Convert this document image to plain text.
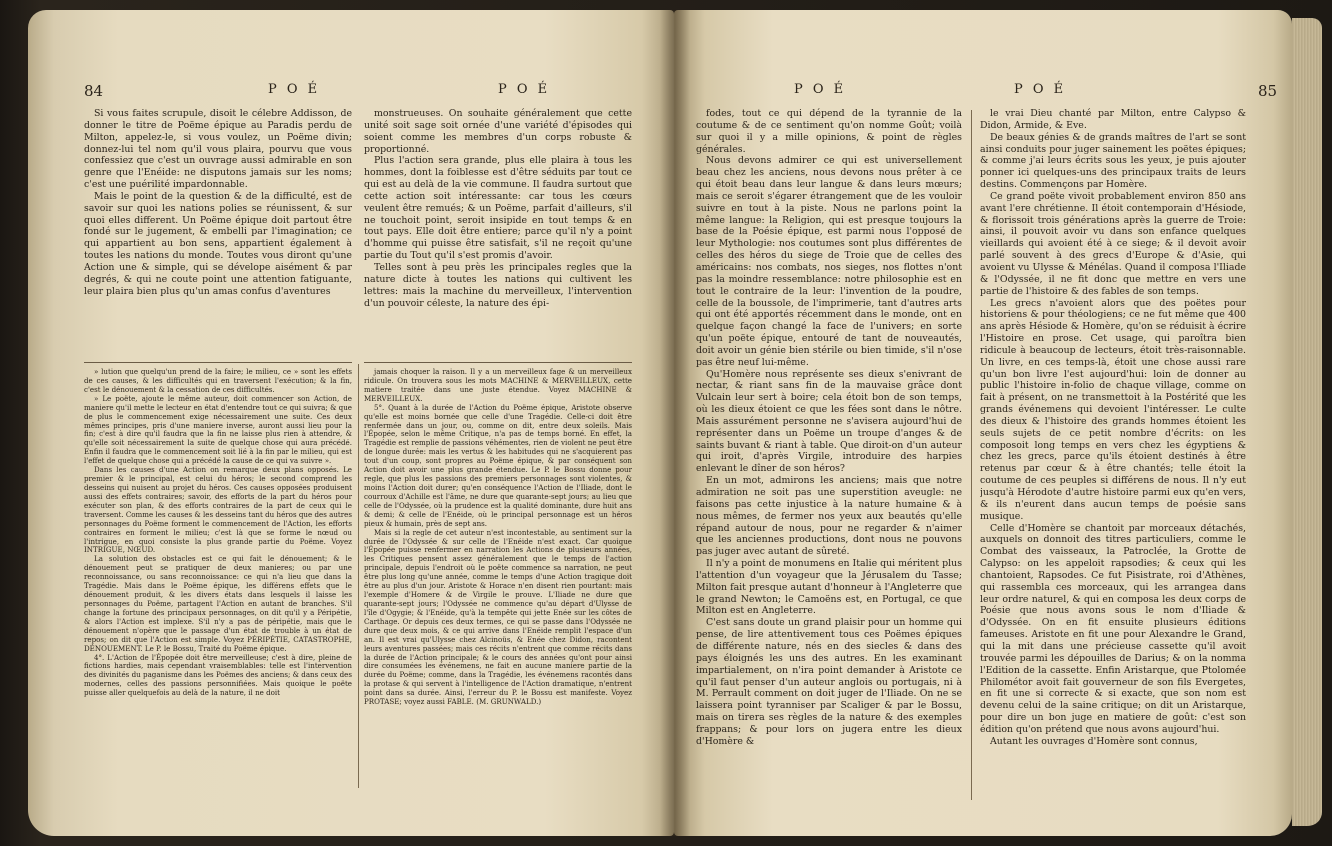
84	P O É	P O É

Si vous faites scrupule, disoit le célebre Addisson, de donner le titre de Poëme épique au Paradis perdu de Milton, appelez-le, si vous voulez, un Poëme divin; donnez-lui tel nom qu'il vous plaira, pourvu que vous confessiez que c'est un ouvrage aussi admirable en son genre que l'Enéide: ne disputons jamais sur les noms; c'est une puérilité impardonnable.

Mais le point de la question & de la difficulté, est de savoir sur quoi les nations polies se réunissent, & sur quoi elles different. Un Poëme épique doit partout être fondé sur le jugement, & embelli par l'imagination; ce qui appartient au bon sens, appartient également à toutes les nations du monde. Toutes vous diront qu'une Action une & simple, qui se dévelope aisément & par degrés, & qui ne coute point une attention fatiguante, leur plaira bien plus qu'un amas confus d'aventures

monstrueuses. On souhaite généralement que cette unité soit sage soit ornée d'une variété d'épisodes qui soient comme les membres d'un corps robuste & proportionné.

Plus l'action sera grande, plus elle plaira à tous les hommes, dont la foiblesse est d'être séduits par tout ce qui est au delà de la vie commune. Il faudra surtout que cette action soit intéressante: car tous les cœurs veulent être remués; & un Poëme, parfait d'ailleurs, s'il ne touchoit point, seroit insipide en tout temps & en tout pays. Elle doit être entiere; parce qu'il n'y a point d'homme qui puisse être satisfait, s'il ne reçoit qu'une partie du Tout qu'il s'est promis d'avoir.

Telles sont à peu près les principales regles que la nature dicte à toutes les nations qui cultivent les lettres: mais la machine du merveilleux, l'intervention d'un pouvoir céleste, la nature des épi-

» lution que quelqu'un prend de la faire; le milieu, ce » sont les effets de ces causes, & les difficultés qui en traversent l'exécution; & la fin, c'est le dénouement & la cessation de ces difficultés.

» Le poëte, ajoute le même auteur, doit commencer son Action, de maniere qu'il mette le lecteur en état d'entendre tout ce qui suivra; & que de plus le commencement exige nécessairement une suite. Ces deux mêmes principes, pris d'une maniere inverse, auront aussi lieu pour la fin; c'est à dire qu'il faudra que la fin ne laisse plus rien à attendre, & qu'elle soit nécessairement la suite de quelque chose qui aura précédé. Enfin il faudra que le commencement soit lié à la fin par le milieu, qui est l'effet de quelque chose qui a précédé la cause de ce qui va suivre ».

Dans les causes d'une Action on remarque deux plans opposés. Le premier & le principal, est celui du héros; le second comprend les desseins qui nuisent au projet du héros. Ces causes opposées produisent aussi des effets contraires; savoir, des efforts de la part du héros pour exécuter son plan, & des efforts contraires de la part de ceux qui le traversent. Comme les causes & les desseins tant du héros que des autres personnages du Poëme forment le commencement de l'Action, les efforts contraires en forment le milieu; c'est là que se forme le nœud ou l'intrigue, en quoi consiste la plus grande partie du Poëme. Voyez INTRIGUE, NŒUD.

La solution des obstacles est ce qui fait le dénouement; & le dénouement peut se pratiquer de deux manieres; ou par une reconnoissance, ou sans reconnoissance: ce qui n'a lieu que dans la Tragédie. Mais dans le Poëme épique, les différens effets que le dénouement produit, & les divers états dans lesquels il laisse les personnages du Poëme, partagent l'Action en autant de branches. S'il change la fortune des principaux personnages, on dit qu'il y a Péripétie, & alors l'Action est implexe. S'il n'y a pas de péripétie, mais que le dénouement n'opère que le passage d'un état de trouble à un état de repos; on dit que l'Action est simple. Voyez PÉRIPÉTIE, CATASTROPHE, DÉNOUEMENT. Le P. le Bossu, Traité du Poëme épique.

4°. L'Action de l'Épopée doit être merveilleuse; c'est à dire, pleine de fictions hardies, mais cependant vraisemblables: telle est l'intervention des divinités du paganisme dans les Poëmes des anciens; & dans ceux des modernes, celles des passions personnifiées. Mais quoique le poëte puisse aller quelquefois au delà de la nature, il ne doit

jamais choquer la raison. Il y a un merveilleux fage & un merveilleux ridicule. On trouvera sous les mots MACHINE & MERVEILLEUX, cette matiere traitée dans une juste étendue. Voyez MACHINE & MERVEILLEUX.

5°. Quant à la durée de l'Action du Poëme épique, Aristote observe qu'elle est moins bornée que celle d'une Tragédie. Celle-ci doit être renfermée dans un jour, ou, comme on dit, entre deux soleils. Mais l'Épopée, selon le même Critique, n'a pas de temps borné. En effet, la Tragédie est remplie de passions véhémentes, rien de violent ne peut être de longue durée: mais les vertus & les habitudes qui ne s'acquierent pas tout d'un coup, sont propres au Poëme épique, & par conséquent son Action doit avoir une plus grande étendue. Le P. le Bossu donne pour regle, que plus les passions des premiers personnages sont violentes, & moins l'Action doit durer; qu'en conséquence l'Action de l'Iliade, dont le courroux d'Achille est l'âme, ne dure que quarante-sept jours; au lieu que celle de l'Odyssée, où la prudence est la qualité dominante, dure huit ans & demi; & celle de l'Enéide, où le principal personnage est un héros pieux & humain, près de sept ans.

Mais si la regle de cet auteur n'est incontestable, au sentiment sur la durée de l'Odyssée & sur celle de l'Enéide n'est exact. Car quoique l'Épopée puisse renfermer en narration les Actions de plusieurs années, les Critiques pensent assez généralement que le temps de l'action principale, depuis l'endroit où le poëte commence sa narration, ne peut être plus long qu'une année, comme le temps d'une Action tragique doit être au plus d'un jour. Aristote & Horace n'en disent rien pourtant: mais l'exemple d'Homere & de Virgile le prouve. L'Iliade ne dure que quarante-sept jours; l'Odyssée ne commence qu'au départ d'Ulysse de l'île d'Ogygie; & l'Enéide, qu'à la tempête qui jette Enée sur les côtes de Carthage. Or depuis ces deux termes, ce qui se passe dans l'Odyssée ne dure que deux mois, & ce qui arrive dans l'Enéide remplit l'espace d'un an. Il est vrai qu'Ulysse chez Alcinoüs, & Enée chez Didon, racontent leurs aventures passées; mais ces récits n'entrent que comme récits dans la durée de l'Action principale; & le cours des années qu'ont pour ainsi dire consumées les événemens, ne fait en aucune maniere partie de la durée du Poëme; comme, dans la Tragédie, les événemens racontés dans la protase & qui servent à l'intelligence de l'Action dramatique, n'entrent point dans sa durée. Ainsi, l'erreur du P. le Bossu est manifeste. Voyez PROTASE; voyez aussi FABLE. (M. GRUNWALD.)

P O É	P O É	85

fodes, tout ce qui dépend de la tyrannie de la coutume & de ce sentiment qu'on nomme Goût; voilà sur quoi il y a mille opinions, & point de règles générales.

Nous devons admirer ce qui est universellement beau chez les anciens, nous devons nous prêter à ce qui étoit beau dans leur langue & dans leurs mœurs; mais ce seroit s'égarer étrangement que de les vouloir suivre en tout à la piste. Nous ne parlons point la même langue: la Religion, qui est presque toujours la base de la Poésie épique, est parmi nous l'opposé de leur Mythologie: nos coutumes sont plus différentes de celles des héros du siege de Troie que de celles des américains: nos combats, nos sieges, nos flottes n'ont pas la moindre ressemblance: notre philosophie est en tout le contraire de la leur: l'invention de la poudre, celle de la boussole, de l'imprimerie, tant d'autres arts qui ont été apportés récemment dans le monde, ont en quelque façon changé la face de l'univers; en sorte qu'un poëte épique, entouré de tant de nouveautés, doit avoir un génie bien stérile ou bien timide, s'il n'ose pas être neuf lui-même.

Qu'Homère nous représente ses dieux s'enivrant de nectar, & riant sans fin de la mauvaise grâce dont Vulcain leur sert à boire; cela étoit bon de son temps, où les dieux étoient ce que les fées sont dans le nôtre. Mais assurément personne ne s'avisera aujourd'hui de représenter dans un Poëme un troupe d'anges & de saints buvant & riant à table. Que diroit-on d'un auteur qui iroit, d'après Virgile, introduire des harpies enlevant le dîner de son héros?

En un mot, admirons les anciens; mais que notre admiration ne soit pas une superstition aveugle: ne faisons pas cette injustice à la nature humaine & à nous mêmes, de fermer nos yeux aux beautés qu'elle répand autour de nous, pour ne regarder & n'aimer que les anciennes productions, dont nous ne pouvons pas juger avec autant de sûreté.

Il n'y a point de monumens en Italie qui méritent plus l'attention d'un voyageur que la Jérusalem du Tasse; Milton fait presque autant d'honneur à l'Angleterre que le grand Newton; le Camoëns est, en Portugal, ce que Milton est en Angleterre.

C'est sans doute un grand plaisir pour un homme qui pense, de lire attentivement tous ces Poëmes épiques de différente nature, nés en des siecles & dans des pays éloignés les uns des autres. En les examinant impartialement, on n'ira point demander à Aristote ce qu'il faut penser d'un auteur anglois ou portugais, ni à M. Perrault comment on doit juger de l'Iliade. On ne se laissera point tyranniser par Scaliger & par le Bossu, mais on tirera ses règles de la nature & des exemples frappans; & pour lors on jugera entre les dieux d'Homère &

le vrai Dieu chanté par Milton, entre Calypso & Didon, Armide, & Eve.

De beaux génies & de grands maîtres de l'art se sont ainsi conduits pour juger sainement les poëtes épiques; & comme j'ai leurs écrits sous les yeux, je puis ajouter ponner ici quelques-uns des principaux traits de leurs destins. Commençons par Homère.

Ce grand poëte vivoit probablement environ 850 ans avant l'ere chrétienne. Il étoit contemporain d'Hésiode, & florissoit trois générations après la guerre de Troie: ainsi, il pouvoit avoir vu dans son enfance quelques vieillards qui avoient été à ce siege; & il devoit avoir parlé souvent à des grecs d'Europe & d'Asie, qui avoient vu Ulysse & Ménélas. Quand il composa l'Iliade & l'Odyssée, il ne fit donc que mettre en vers une partie de l'histoire & des fables de son temps.

Les grecs n'avoient alors que des poëtes pour historiens & pour théologiens; ce ne fut même que 400 ans après Hésiode & Homère, qu'on se réduisit à écrire l'Histoire en prose. Cet usage, qui paroîtra bien ridicule à beaucoup de lecteurs, étoit très-raisonnable. Un livre, en ces temps-là, étoit une chose aussi rare qu'un bon livre l'est aujourd'hui: loin de donner au public l'histoire in-folio de chaque village, comme on fait à présent, on ne transmettoit à la Postérité que les grands événemens qui devoient l'intéresser. Le culte des dieux & l'histoire des grands hommes étoient les seuls sujets de ce petit nombre d'écrits: on les composoit long temps en vers chez les égyptiens & chez les grecs, parce qu'ils étoient destinés à être retenus par cœur & à être chantés; telle étoit la coutume de ces peuples si différens de nous. Il n'y eut jusqu'à Hérodote d'autre histoire parmi eux qu'en vers, & ils n'eurent dans aucun temps de poésie sans musique.

Celle d'Homère se chantoit par morceaux détachés, auxquels on donnoit des titres particuliers, comme le Combat des vaisseaux, la Patroclée, la Grotte de Calypso: on les appeloit rapsodies; & ceux qui les chantoient, Rapsodes. Ce fut Pisistrate, roi d'Athènes, qui rassembla ces morceaux, qui les arrangea dans leur ordre naturel, & qui en composa les deux corps de Poésie que nous avons sous le nom d'Iliade & d'Odyssée. On en fit ensuite plusieurs éditions fameuses. Aristote en fit une pour Alexandre le Grand, qui la mit dans une précieuse cassette qu'il avoit trouvée parmi les dépouilles de Darius; & on la nomma l'Edition de la cassette. Enfin Aristarque, que Ptolomée Philométor avoit fait gouverneur de son fils Evergetes, en fit une si correcte & si exacte, que son nom est devenu celui de la saine critique; on dit un Aristarque, pour dire un bon juge en matiere de goût: c'est son édition qu'on prétend que nous avons aujourd'hui.

Autant les ouvrages d'Homère sont connus,
